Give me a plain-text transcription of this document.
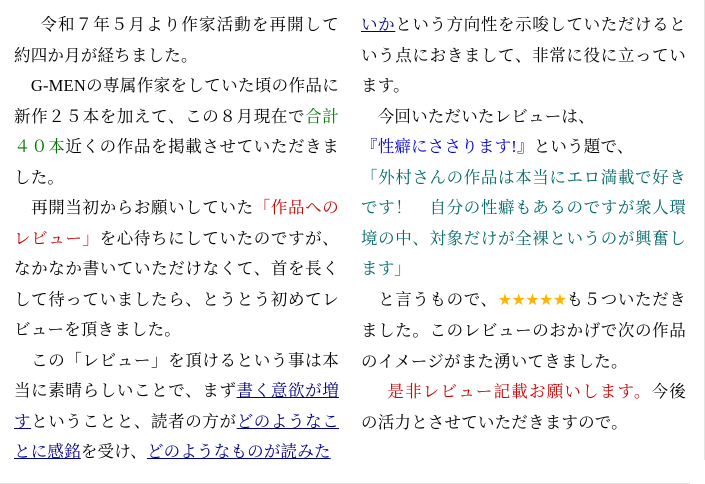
令和７年５月より作家活動を再開して約四か月が経ちました。

　G-MENの専属作家をしていた頃の作品に新作２５本を加えて、この８月現在で合計４０本近くの作品を掲載させていただきました。

　再開当初からお願いしていた「作品へのレビュー」を心待ちにしていたのですが、なかなか書いていただけなくて、首を長くして待っていましたら、とうとう初めてレビューを頂きました。

　この「レビュー」を頂けるという事は本当に素晴らしいことで、まず書く意欲が増すということと、読者の方がどのようなことに感銘を受け、どのようなものが読みた

いかという方向性を示唆していただけるという点におきまして、非常に役に立っています。

　今回いただいたレビューは、
『性癖にささります!』という題で、
「外村さんの作品は本当にエロ満載で好きです！　自分の性癖もあるのですが衆人環境の中、対象だけが全裸というのが興奮します」

　と言うもので、★★★★★も５ついただきました。このレビューのおかげで次の作品のイメージがまた湧いてきました。

是非レビュー記載お願いします。今後の活力とさせていただきますので。
